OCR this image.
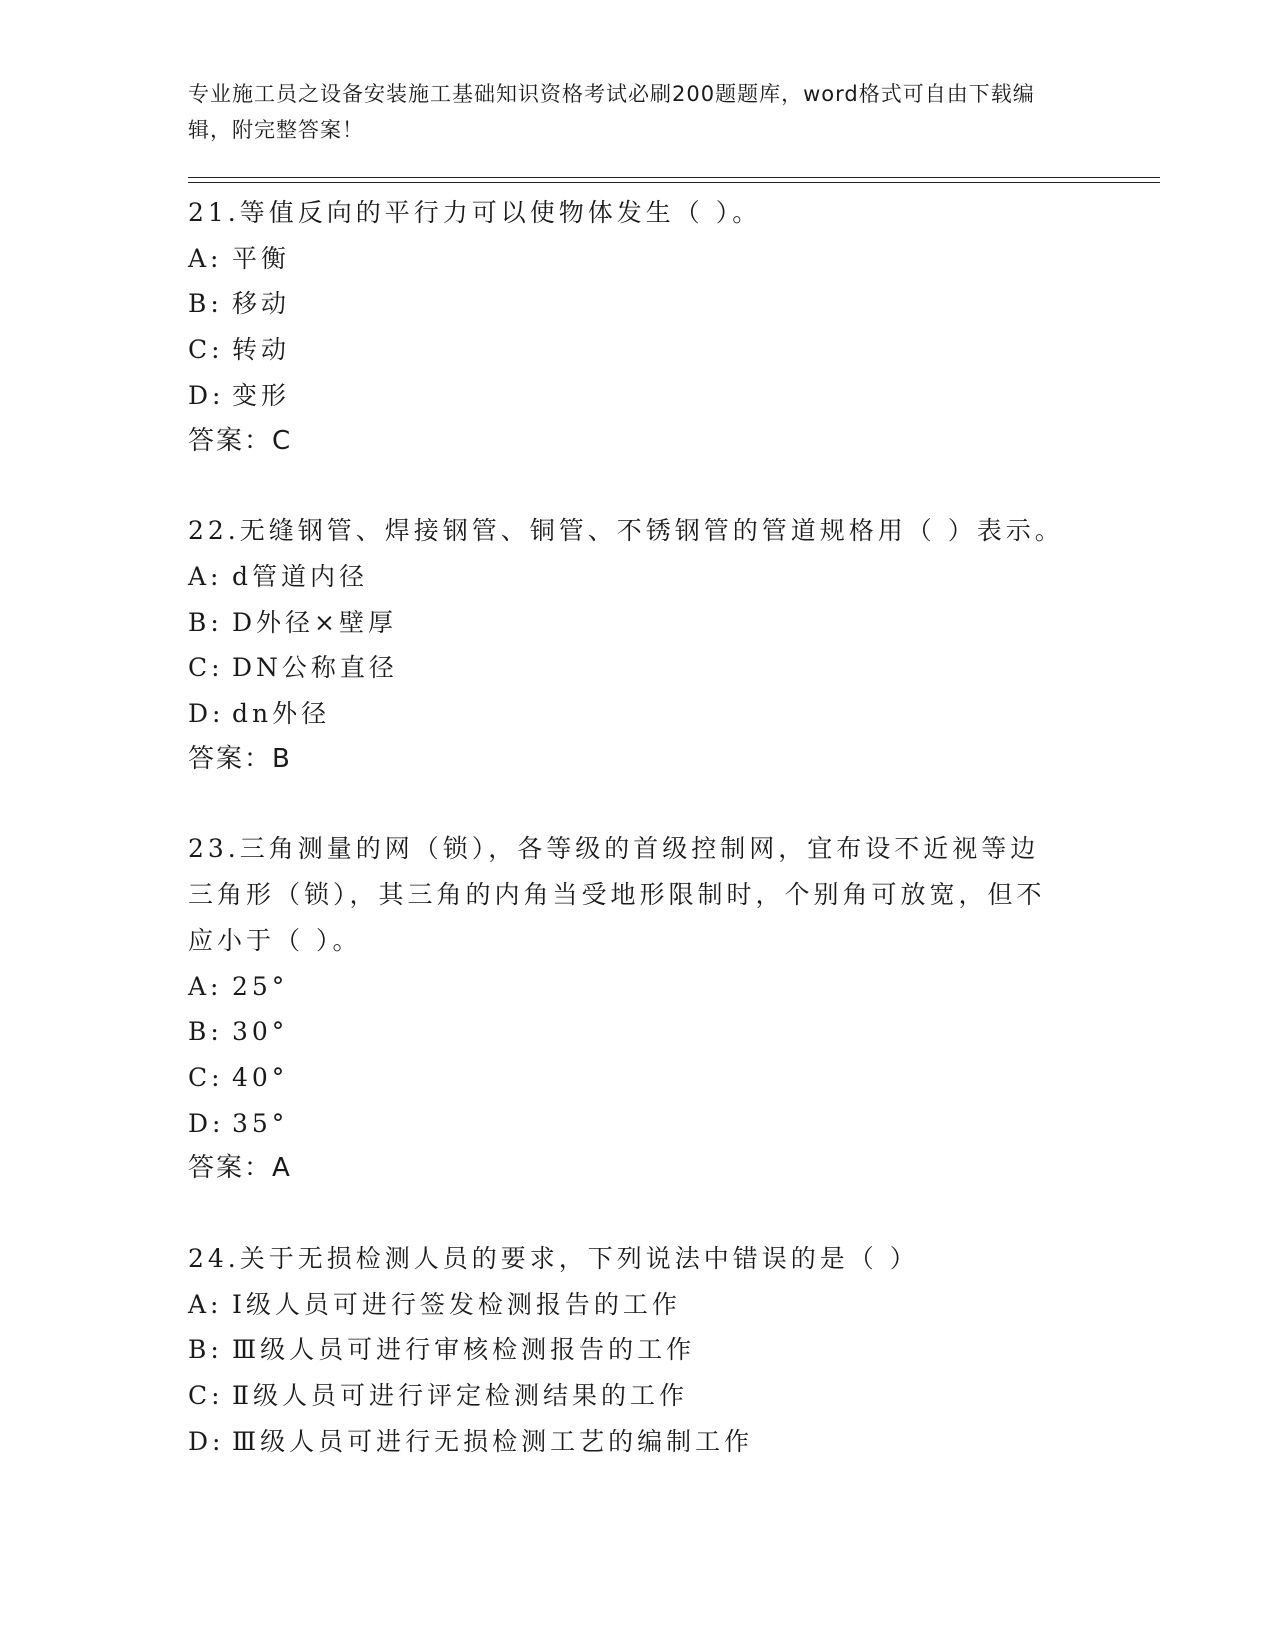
专业施工员之设备安装施工基础知识资格考试必刷200题题库，word格式可自由下载编辑，附完整答案！
21.等值反向的平行力可以使物体发生（ ）。
A: 平衡
B: 移动
C: 转动
D: 变形
答案：C
22.无缝钢管、焊接钢管、铜管、不锈钢管的管道规格用（ ）表示。
A: d管道内径
B: D外径×壁厚
C: DN公称直径
D: dn外径
答案：B
23.三角测量的网（锁），各等级的首级控制网，宜布设不近视等边三角形（锁），其三角的内角当受地形限制时，个别角可放宽，但不应小于（ ）。
A: 25°
B: 30°
C: 40°
D: 35°
答案：A
24.关于无损检测人员的要求，下列说法中错误的是（ ）
A: Ⅰ级人员可进行签发检测报告的工作
B: Ⅲ级人员可进行审核检测报告的工作
C: Ⅱ级人员可进行评定检测结果的工作
D: Ⅲ级人员可进行无损检测工艺的编制工作
